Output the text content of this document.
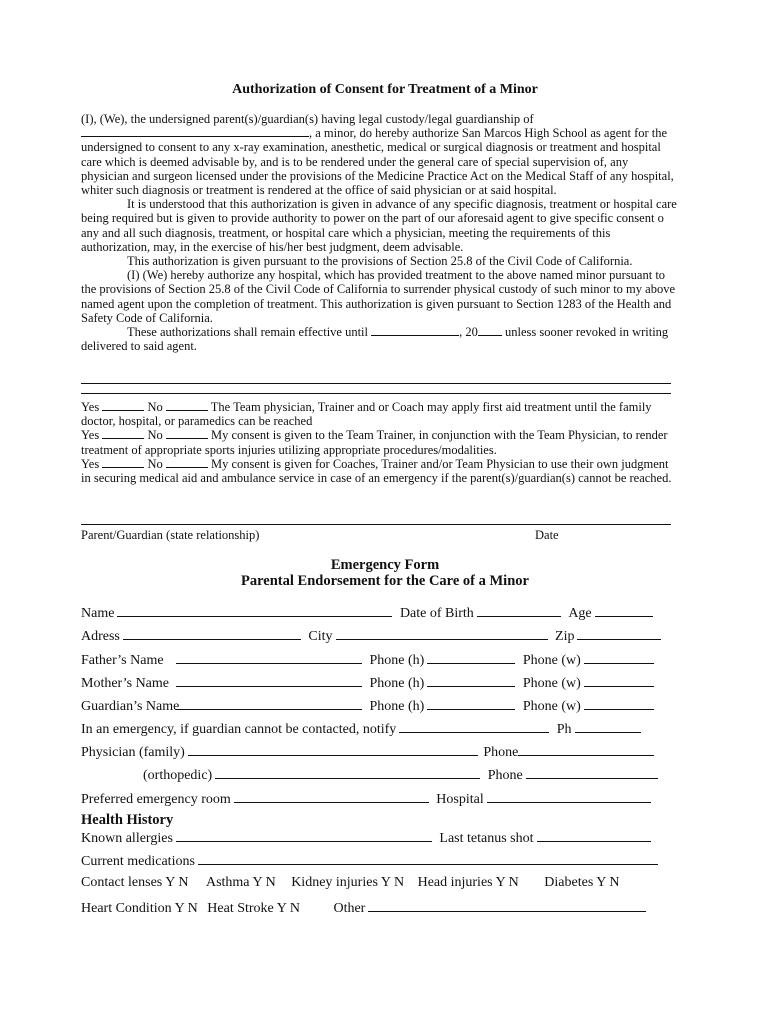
Authorization of Consent for Treatment of a Minor

(I), (We), the undersigned parent(s)/guardian(s) having legal custody/legal guardianship of
, a minor, do hereby authorize San Marcos High School as agent for the undersigned to consent to any x-ray examination, anesthetic, medical or surgical diagnosis or treatment and hospital care which is deemed advisable by, and is to be rendered under the general care of special supervision of, any physician and surgeon licensed under the provisions of the Medicine Practice Act on the Medical Staff of any hospital, whiter such diagnosis or treatment is rendered at the office of said physician or at said hospital.

It is understood that this authorization is given in advance of any specific diagnosis, treatment or hospital care being required but is given to provide authority to power on the part of our aforesaid agent to give specific consent o any and all such diagnosis, treatment, or hospital care which a physician, meeting the requirements of this authorization, may, in the exercise of his/her best judgment, deem advisable.

This authorization is given pursuant to the provisions of Section 25.8 of the Civil Code of California.

(I) (We) hereby authorize any hospital, which has provided treatment to the above named minor pursuant to the provisions of Section 25.8 of the Civil Code of California to surrender physical custody of such minor to my above named agent upon the completion of treatment. This authorization is given pursuant to Section 1283 of the Health and Safety Code of California.

These authorizations shall remain effective until	, 20 unless sooner revoked in writing delivered to said agent.

Yes	No	The Team physician, Trainer and or Coach may apply first aid treatment until the family doctor, hospital, or paramedics can be reached

Yes	No	My consent is given to the Team Trainer, in conjunction with the Team Physician, to render treatment of appropriate sports injuries utilizing appropriate procedures/modalities.

Yes	No	My consent is given for Coaches, Trainer and/or Team Physician to use their own judgment in securing medical aid and ambulance service in case of an emergency if the parent(s)/guardian(s) cannot be reached.

Parent/Guardian (state relationship)	Date
Emergency Form
Parental Endorsement for the Care of a Minor
Name	Date of Birth	Age
Adress	City	Zip
Father’s Name	Phone (h)	Phone (w)
Mother’s Name	Phone (h)	Phone (w)
Guardian’s Name	Phone (h)	Phone (w)
In an emergency, if guardian cannot be contacted, notify	Ph
Physician (family)	Phone
(orthopedic)	Phone
Preferred emergency room	Hospital
Health History
Known allergies	Last tetanus shot
Current medications
Contact lenses Y N Asthma Y N Kidney injuries Y N Head injuries Y N Diabetes Y N
Heart Condition Y N Heat Stroke Y N Other
